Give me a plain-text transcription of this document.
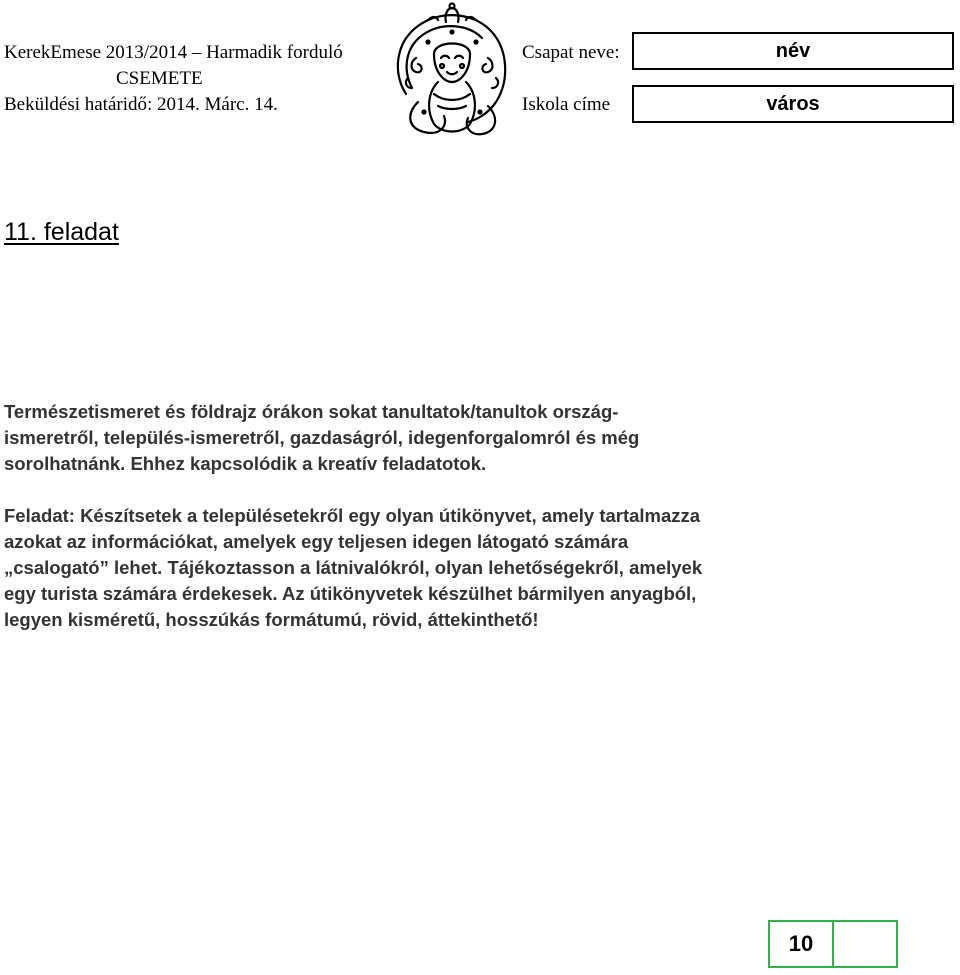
KerekEmese 2013/2014 – Harmadik forduló
CSEMETE
Beküldési határidő: 2014. Márc. 14.
Csapat neve:
Iskola címe
név
város
11. feladat
Természetismeret és földrajz órákon sokat tanultatok/tanultok ország-
ismeretről, település-ismeretről, gazdaságról, idegenforgalomról és még
sorolhatnánk. Ehhez kapcsolódik a kreatív feladatotok.
Feladat: Készítsetek a településetekről egy olyan útikönyvet, amely tartalmazza
azokat az információkat, amelyek egy teljesen idegen látogató számára
„csalogató” lehet. Tájékoztasson a látnivalókról, olyan lehetőségekről, amelyek
egy turista számára érdekesek. Az útikönyvetek készülhet bármilyen anyagból,
legyen kisméretű, hosszúkás formátumú, rövid, áttekinthető!
10
